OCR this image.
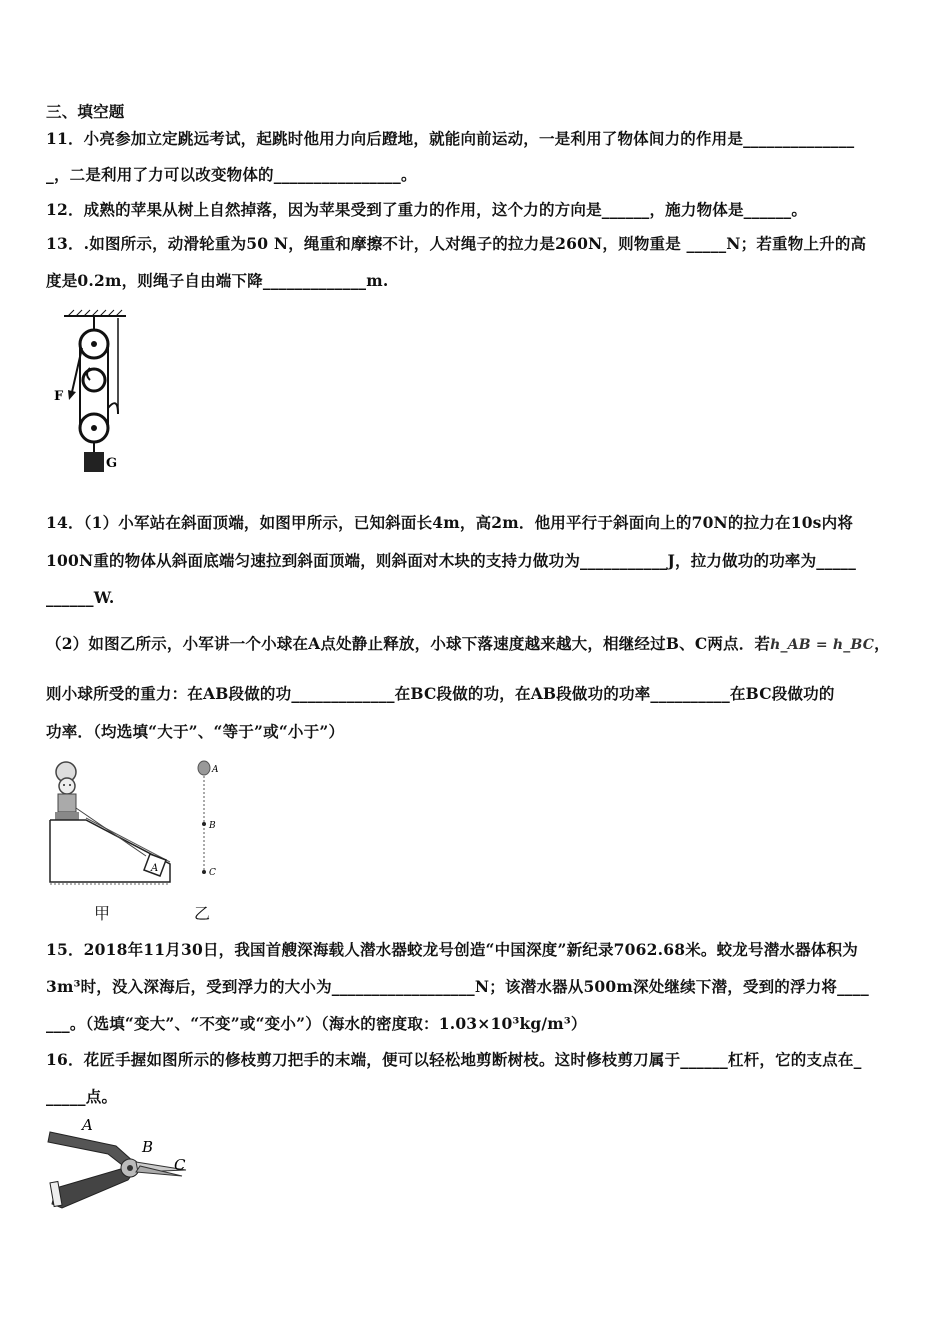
三、填空题
11．小亮参加立定跳远考试，起跳时他用力向后蹬地，就能向前运动，一是利用了物体间力的作用是______________
_，二是利用了力可以改变物体的________________。
12．成熟的苹果从树上自然掉落，因为苹果受到了重力的作用，这个力的方向是______，施力物体是______。
13．.如图所示，动滑轮重为50 N，绳重和摩擦不计，人对绳子的拉力是260N，则物重是 _____N；若重物上升的高
度是0.2m，则绳子自由端下降_____________m.
F
G
14．（1）小军站在斜面顶端，如图甲所示，已知斜面长4m，高2m．他用平行于斜面向上的70N的拉力在10s内将
100N重的物体从斜面底端匀速拉到斜面顶端，则斜面对木块的支持力做功为___________J，拉力做功的功率为_____
______W.
（2）如图乙所示，小军讲一个小球在A点处静止释放，小球下落速度越来越大，相继经过B、C两点．若h_AB = h_BC，
则小球所受的重力：在AB段做的功_____________在BC段做的功，在AB段做功的功率__________在BC段做功的
功率．（均选填“大于”、“等于”或“小于”）
A
A
B
C
甲	乙
15．2018年11月30日，我国首艘深海载人潜水器蛟龙号创造“中国深度”新纪录7062.68米。蛟龙号潜水器体积为
3m³时，没入深海后，受到浮力的大小为__________________N；该潜水器从500m深处继续下潜，受到的浮力将____
___。（选填“变大”、“不变”或“变小”）（海水的密度取：1.03×10³kg/m³）
16．花匠手握如图所示的修枝剪刀把手的末端，便可以轻松地剪断树枝。这时修枝剪刀属于______杠杆，它的支点在_
_____点。
A
B
C
